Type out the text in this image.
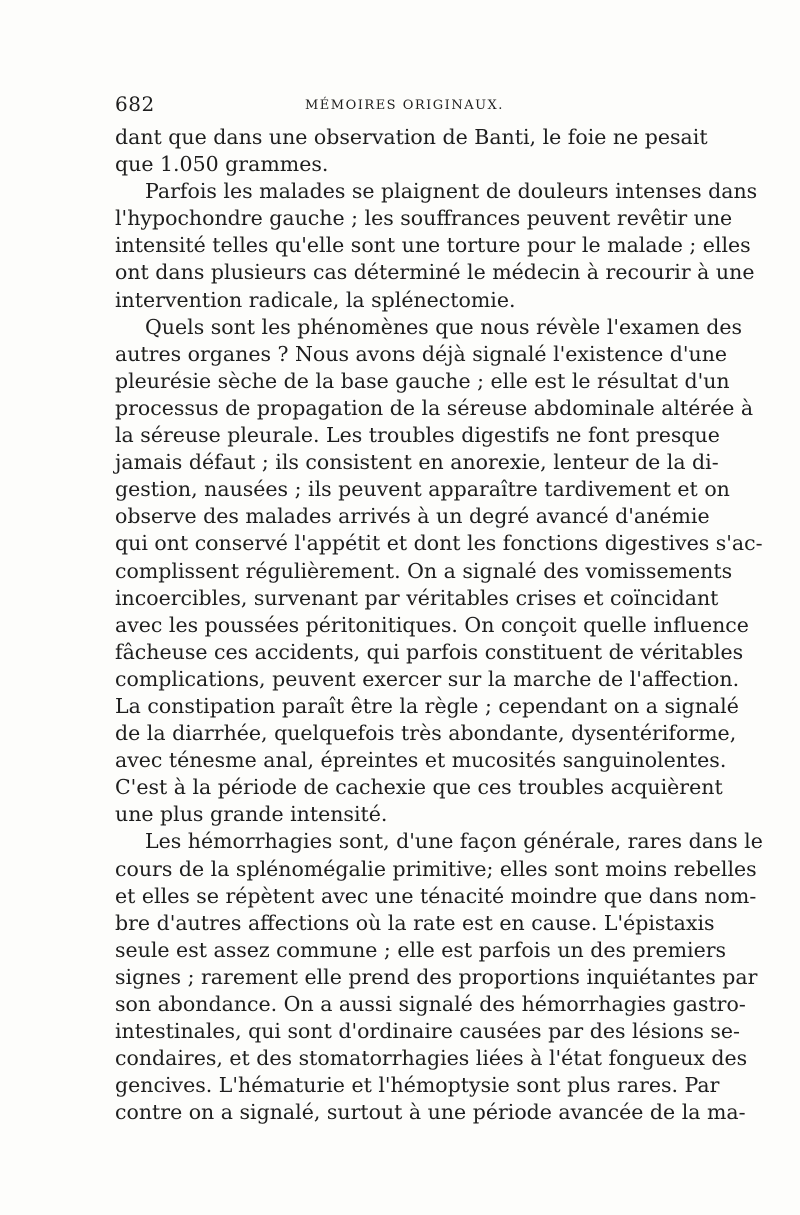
682	MÉMOIRES ORIGINAUX.
dant que dans une observation de Banti, le foie ne pesait
que 1.050 grammes.
Parfois les malades se plaignent de douleurs intenses dans
l'hypochondre gauche ; les souffrances peuvent revêtir une
intensité telles qu'elle sont une torture pour le malade ; elles
ont dans plusieurs cas déterminé le médecin à recourir à une
intervention radicale, la splénectomie.
Quels sont les phénomènes que nous révèle l'examen des
autres organes ? Nous avons déjà signalé l'existence d'une
pleurésie sèche de la base gauche ; elle est le résultat d'un
processus de propagation de la séreuse abdominale altérée à
la séreuse pleurale. Les troubles digestifs ne font presque
jamais défaut ; ils consistent en anorexie, lenteur de la di-
gestion, nausées ; ils peuvent apparaître tardivement et on
observe des malades arrivés à un degré avancé d'anémie
qui ont conservé l'appétit et dont les fonctions digestives s'ac-
complissent régulièrement. On a signalé des vomissements
incoercibles, survenant par véritables crises et coïncidant
avec les poussées péritonitiques. On conçoit quelle influence
fâcheuse ces accidents, qui parfois constituent de véritables
complications, peuvent exercer sur la marche de l'affection.
La constipation paraît être la règle ; cependant on a signalé
de la diarrhée, quelquefois très abondante, dysentériforme,
avec ténesme anal, épreintes et mucosités sanguinolentes.
C'est à la période de cachexie que ces troubles acquièrent
une plus grande intensité.
Les hémorrhagies sont, d'une façon générale, rares dans le
cours de la splénomégalie primitive; elles sont moins rebelles
et elles se répètent avec une ténacité moindre que dans nom-
bre d'autres affections où la rate est en cause. L'épistaxis
seule est assez commune ; elle est parfois un des premiers
signes ; rarement elle prend des proportions inquiétantes par
son abondance. On a aussi signalé des hémorrhagies gastro-
intestinales, qui sont d'ordinaire causées par des lésions se-
condaires, et des stomatorrhagies liées à l'état fongueux des
gencives. L'hématurie et l'hémoptysie sont plus rares. Par
contre on a signalé, surtout à une période avancée de la ma-
